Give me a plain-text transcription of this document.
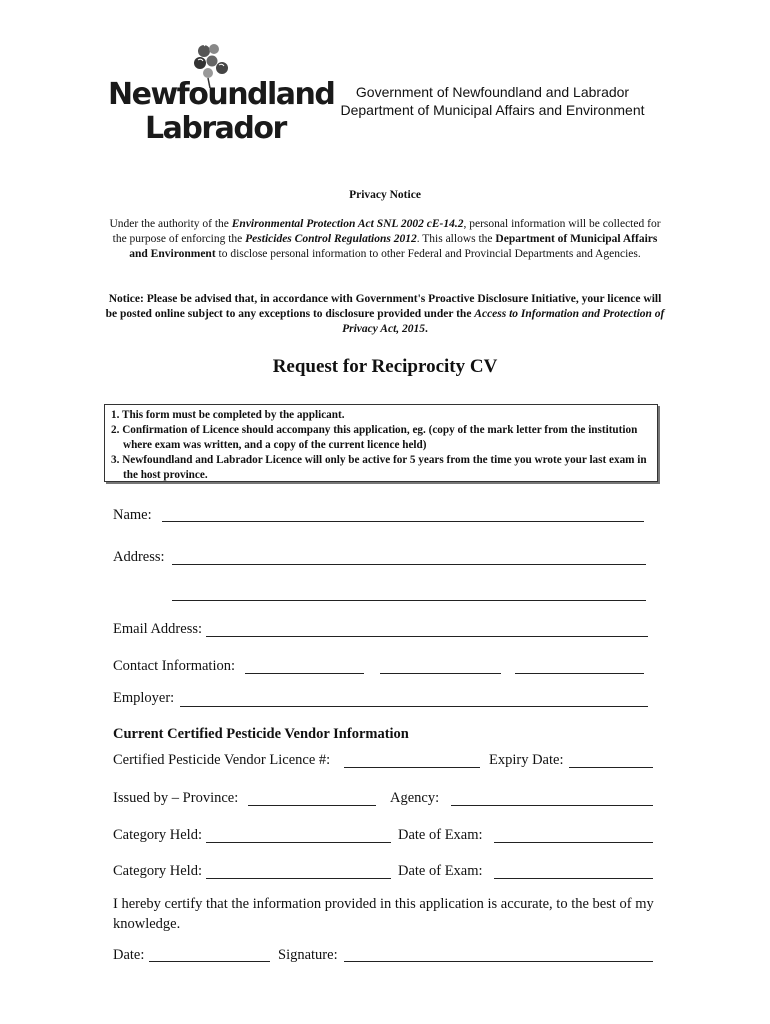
Newfoundland
Labrador
Government of Newfoundland and Labrador
Department of Municipal Affairs and Environment
Privacy Notice
Under the authority of the Environmental Protection Act SNL 2002 cE-14.2, personal information will be collected for the purpose of enforcing the Pesticides Control Regulations 2012. This allows the Department of Municipal Affairs and Environment to disclose personal information to other Federal and Provincial Departments and Agencies.
Notice: Please be advised that, in accordance with Government's Proactive Disclosure Initiative, your licence will be posted online subject to any exceptions to disclosure provided under the Access to Information and Protection of Privacy Act, 2015.
Request for Reciprocity CV
1. This form must be completed by the applicant.
2. Confirmation of Licence should accompany this application, eg. (copy of the mark letter from the institution where exam was written, and a copy of the current licence held)
3. Newfoundland and Labrador Licence will only be active for 5 years from the time you wrote your last exam in the host province.
Name:
Address:
Email Address:
Contact Information:
Employer:
Current Certified Pesticide Vendor Information
Certified Pesticide Vendor Licence #:	Expiry Date:
Issued by – Province:	Agency:
Category Held:	Date of Exam:
Category Held:	Date of Exam:
I hereby certify that the information provided in this application is accurate, to the best of my knowledge.
Date:	Signature:
